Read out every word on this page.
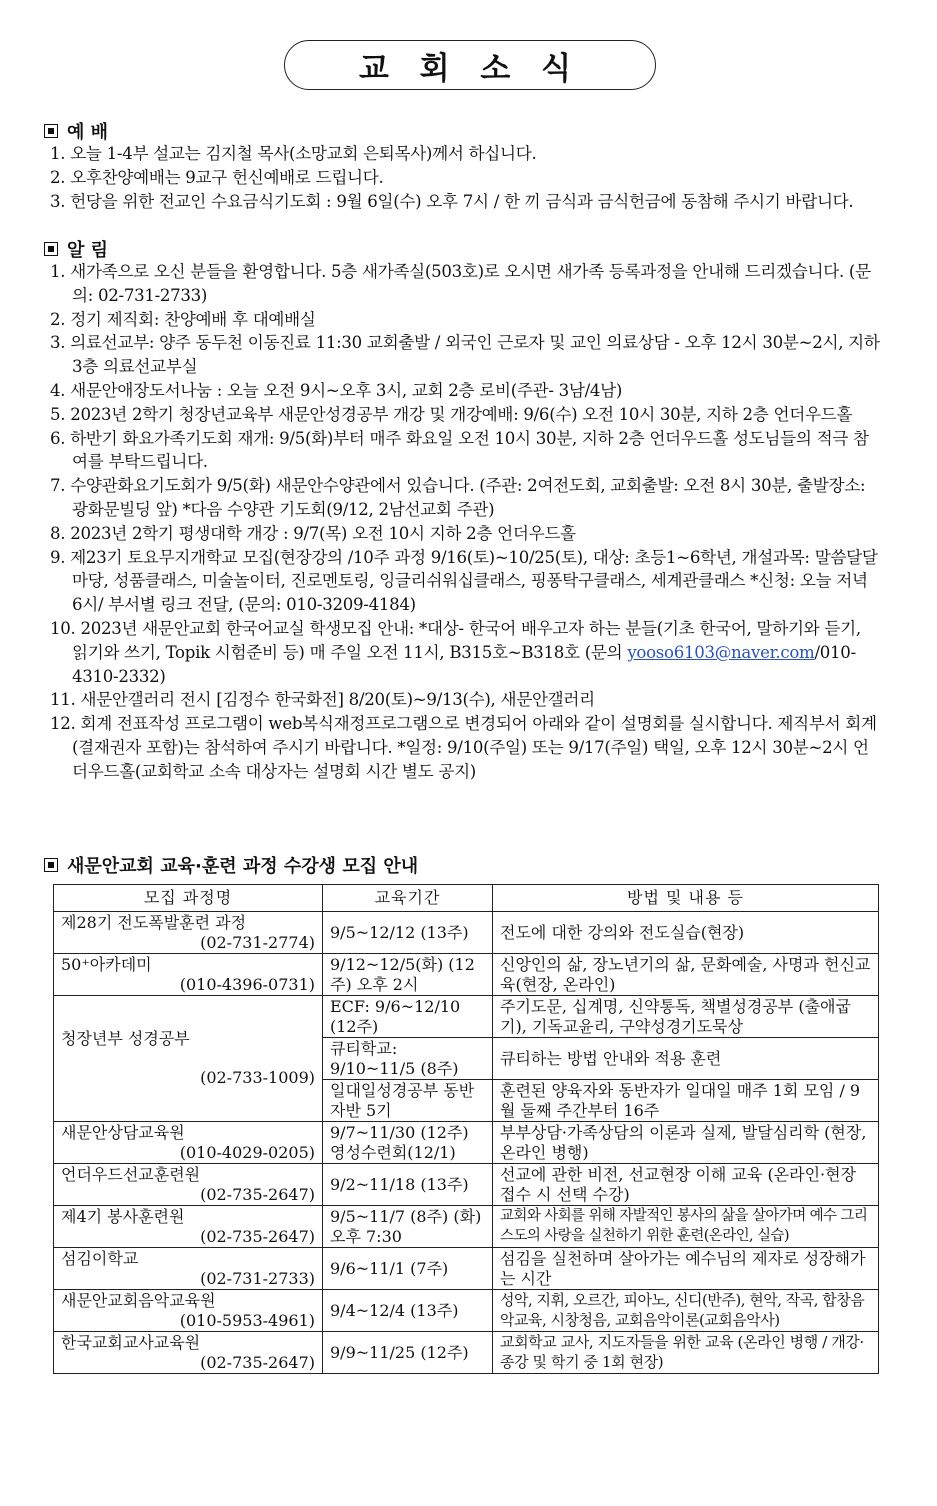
교 회 소 식
예 배
1. 오늘 1-4부 설교는 김지철 목사(소망교회 은퇴목사)께서 하십니다.
2. 오후찬양예배는 9교구 헌신예배로 드립니다.
3. 헌당을 위한 전교인 수요금식기도회 : 9월 6일(수) 오후 7시 / 한 끼 금식과 금식헌금에 동참해 주시기 바랍니다.
알 림
1. 새가족으로 오신 분들을 환영합니다. 5층 새가족실(503호)로 오시면 새가족 등록과정을 안내해 드리겠습니다. (문의: 02-731-2733)
2. 정기 제직회: 찬양예배 후 대예배실
3. 의료선교부: 양주 동두천 이동진료 11:30 교회출발 / 외국인 근로자 및 교인 의료상담 - 오후 12시 30분~2시, 지하 3층 의료선교부실
4. 새문안애장도서나눔 : 오늘 오전 9시~오후 3시, 교회 2층 로비(주관- 3남/4남)
5. 2023년 2학기 청장년교육부 새문안성경공부 개강 및 개강예배: 9/6(수) 오전 10시 30분, 지하 2층 언더우드홀
6. 하반기 화요가족기도회 재개: 9/5(화)부터 매주 화요일 오전 10시 30분, 지하 2층 언더우드홀 성도님들의 적극 참여를 부탁드립니다.
7. 수양관화요기도회가 9/5(화) 새문안수양관에서 있습니다. (주관: 2여전도회, 교회출발: 오전 8시 30분, 출발장소: 광화문빌딩 앞) *다음 수양관 기도회(9/12, 2남선교회 주관)
8. 2023년 2학기 평생대학 개강 : 9/7(목) 오전 10시 지하 2층 언더우드홀
9. 제23기 토요무지개학교 모집(현장강의 /10주 과정 9/16(토)~10/25(토), 대상: 초등1~6학년, 개설과목: 말씀달달마당, 성품클래스, 미술놀이터, 진로멘토링, 잉글리쉬워십클래스, 핑퐁탁구클래스, 세계관클래스 *신청: 오늘 저녁 6시/ 부서별 링크 전달, (문의: 010-3209-4184)
10. 2023년 새문안교회 한국어교실 학생모집 안내: *대상- 한국어 배우고자 하는 분들(기초 한국어, 말하기와 듣기, 읽기와 쓰기, Topik 시험준비 등) 매 주일 오전 11시, B315호~B318호 (문의 yooso6103@naver.com/010-4310-2332)
11. 새문안갤러리 전시 [김정수 한국화전] 8/20(토)~9/13(수), 새문안갤러리
12. 회계 전표작성 프로그램이 web복식재정프로그램으로 변경되어 아래와 같이 설명회를 실시합니다. 제직부서 회계(결재권자 포함)는 참석하여 주시기 바랍니다. *일정: 9/10(주일) 또는 9/17(주일) 택일, 오후 12시 30분~2시 언더우드홀(교회학교 소속 대상자는 설명회 시간 별도 공지)
새문안교회 교육·훈련 과정 수강생 모집 안내
모집 과정명	교육기간	방법 및 내용 등

제28기 전도폭발훈련 과정
(02-731-2774)	9/5~12/12 (13주)	전도에 대한 강의와 전도실습(현장)

50⁺아카데미
(010-4396-0731)	9/12~12/5(화) (12주) 오후 2시	신앙인의 삶, 장노년기의 삶, 문화예술, 사명과 헌신교육(현장, 온라인)

청장년부 성경공부

(02-733-1009)	ECF: 9/6~12/10 (12주)	주기도문, 십계명, 신약통독, 책별성경공부 (출애굽기), 기독교윤리, 구약성경기도묵상
	큐티학교: 9/10~11/5 (8주)	큐티하는 방법 안내와 적용 훈련
	일대일성경공부 동반자반 5기	훈련된 양육자와 동반자가 일대일 매주 1회 모임 / 9월 둘째 주간부터 16주

새문안상담교육원
(010-4029-0205)	9/7~11/30 (12주) 영성수련회(12/1)	부부상담·가족상담의 이론과 실제, 발달심리학 (현장, 온라인 병행)

언더우드선교훈련원
(02-735-2647)	9/2~11/18 (13주)	선교에 관한 비전, 선교현장 이해 교육 (온라인·현장 접수 시 선택 수강)

제4기 봉사훈련원
(02-735-2647)	9/5~11/7 (8주) (화) 오후 7:30	교회와 사회를 위해 자발적인 봉사의 삶을 살아가며 예수 그리스도의 사랑을 실천하기 위한 훈련(온라인, 실습)

섬김이학교
(02-731-2733)	9/6~11/1 (7주)	섬김을 실천하며 살아가는 예수님의 제자로 성장해가는 시간

새문안교회음악교육원
(010-5953-4961)	9/4~12/4 (13주)	성악, 지휘, 오르간, 피아노, 신디(반주), 현악, 작곡, 합창음악교육, 시창청음, 교회음악이론(교회음악사)

한국교회교사교육원
(02-735-2647)	9/9~11/25 (12주)	교회학교 교사, 지도자들을 위한 교육 (온라인 병행 / 개강·종강 및 학기 중 1회 현장)
